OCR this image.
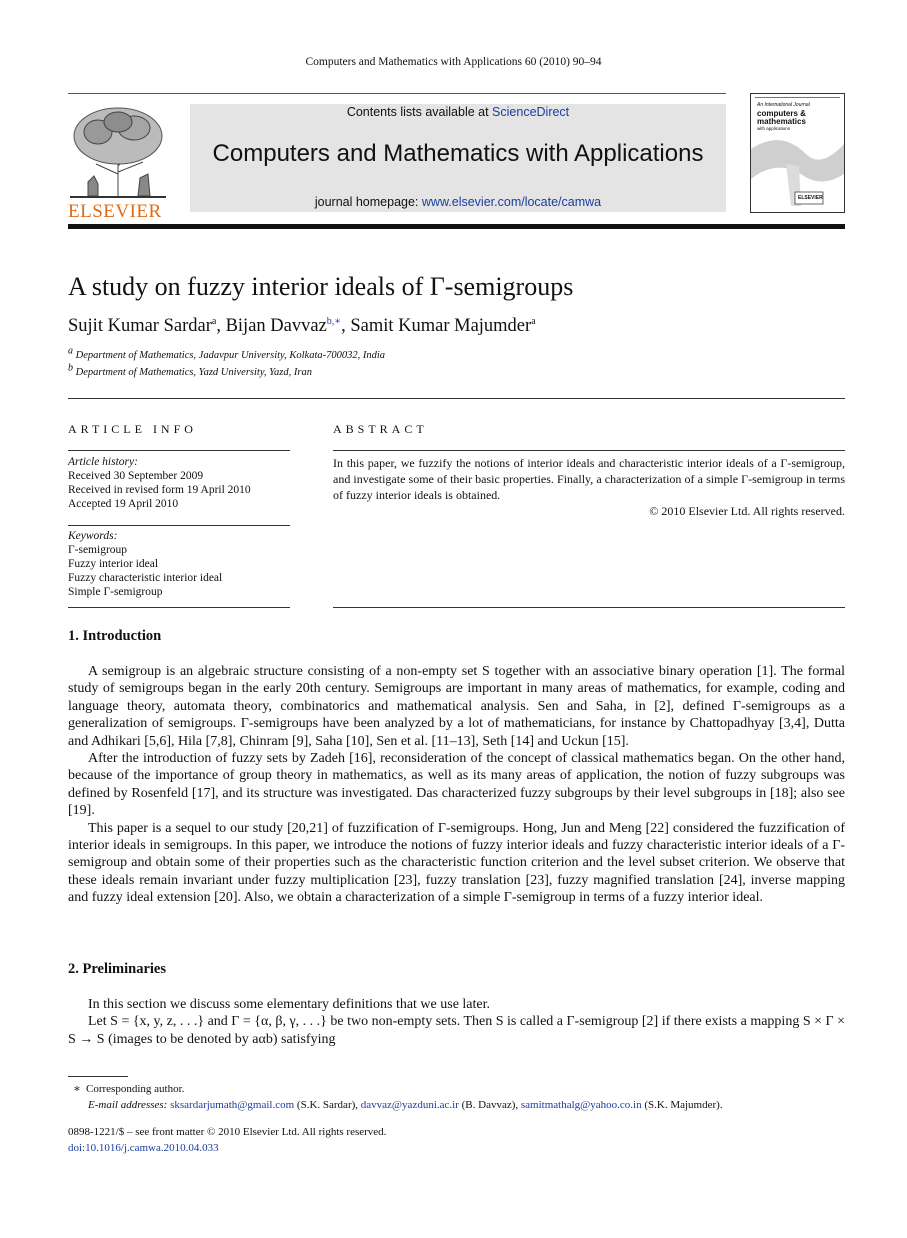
Computers and Mathematics with Applications 60 (2010) 90–94
ELSEVIER
Contents lists available at ScienceDirect
Computers and Mathematics with Applications
journal homepage: www.elsevier.com/locate/camwa
An International Journal
computers &
mathematics
with applications
ELSEVIER
A study on fuzzy interior ideals of Γ-semigroups
Sujit Kumar Sardar$^a$, Bijan Davvaz$^{b,∗}$, Samit Kumar Majumder$^a$
$^a$ Department of Mathematics, Jadavpur University, Kolkata-700032, India
$^b$ Department of Mathematics, Yazd University, Yazd, Iran
ARTICLE INFO
Article history:
Received 30 September 2009
Received in revised form 19 April 2010
Accepted 19 April 2010
Keywords:
Γ-semigroup
Fuzzy interior ideal
Fuzzy characteristic interior ideal
Simple Γ-semigroup
ABSTRACT
In this paper, we fuzzify the notions of interior ideals and characteristic interior ideals of a Γ-semigroup, and investigate some of their basic properties. Finally, a characterization of a simple Γ-semigroup in terms of fuzzy interior ideals is obtained.
© 2010 Elsevier Ltd. All rights reserved.
1. Introduction

A semigroup is an algebraic structure consisting of a non-empty set S together with an associative binary operation [1]. The formal study of semigroups began in the early 20th century. Semigroups are important in many areas of mathematics, for example, coding and language theory, automata theory, combinatorics and mathematical analysis. Sen and Saha, in [2], defined Γ-semigroups as a generalization of semigroups. Γ-semigroups have been analyzed by a lot of mathematicians, for instance by Chattopadhyay [3,4], Dutta and Adhikari [5,6], Hila [7,8], Chinram [9], Saha [10], Sen et al. [11–13], Seth [14] and Uckun [15].

After the introduction of fuzzy sets by Zadeh [16], reconsideration of the concept of classical mathematics began. On the other hand, because of the importance of group theory in mathematics, as well as its many areas of application, the notion of fuzzy subgroups was defined by Rosenfeld [17], and its structure was investigated. Das characterized fuzzy subgroups by their level subgroups in [18]; also see [19].

This paper is a sequel to our study [20,21] of fuzzification of Γ-semigroups. Hong, Jun and Meng [22] considered the fuzzification of interior ideals in semigroups. In this paper, we introduce the notions of fuzzy interior ideals and fuzzy characteristic interior ideals of a Γ-semigroup and obtain some of their properties such as the characteristic function criterion and the level subset criterion. We observe that these ideals remain invariant under fuzzy multiplication [23], fuzzy translation [23], fuzzy magnified translation [24], inverse mapping and fuzzy ideal extension [20]. Also, we obtain a characterization of a simple Γ-semigroup in terms of a fuzzy interior ideal.

2. Preliminaries

In this section we discuss some elementary definitions that we use later.

Let S = {x, y, z, . . .} and Γ = {α, β, γ, . . .} be two non-empty sets. Then S is called a Γ-semigroup [2] if there exists a mapping S × Γ × S → S (images to be denoted by aαb) satisfying

∗ Corresponding author.
E-mail addresses: sksardarjumath@gmail.com (S.K. Sardar), davvaz@yazduni.ac.ir (B. Davvaz), samitmathalg@yahoo.co.in (S.K. Majumder).
0898-1221/$ – see front matter © 2010 Elsevier Ltd. All rights reserved.
doi:10.1016/j.camwa.2010.04.033
